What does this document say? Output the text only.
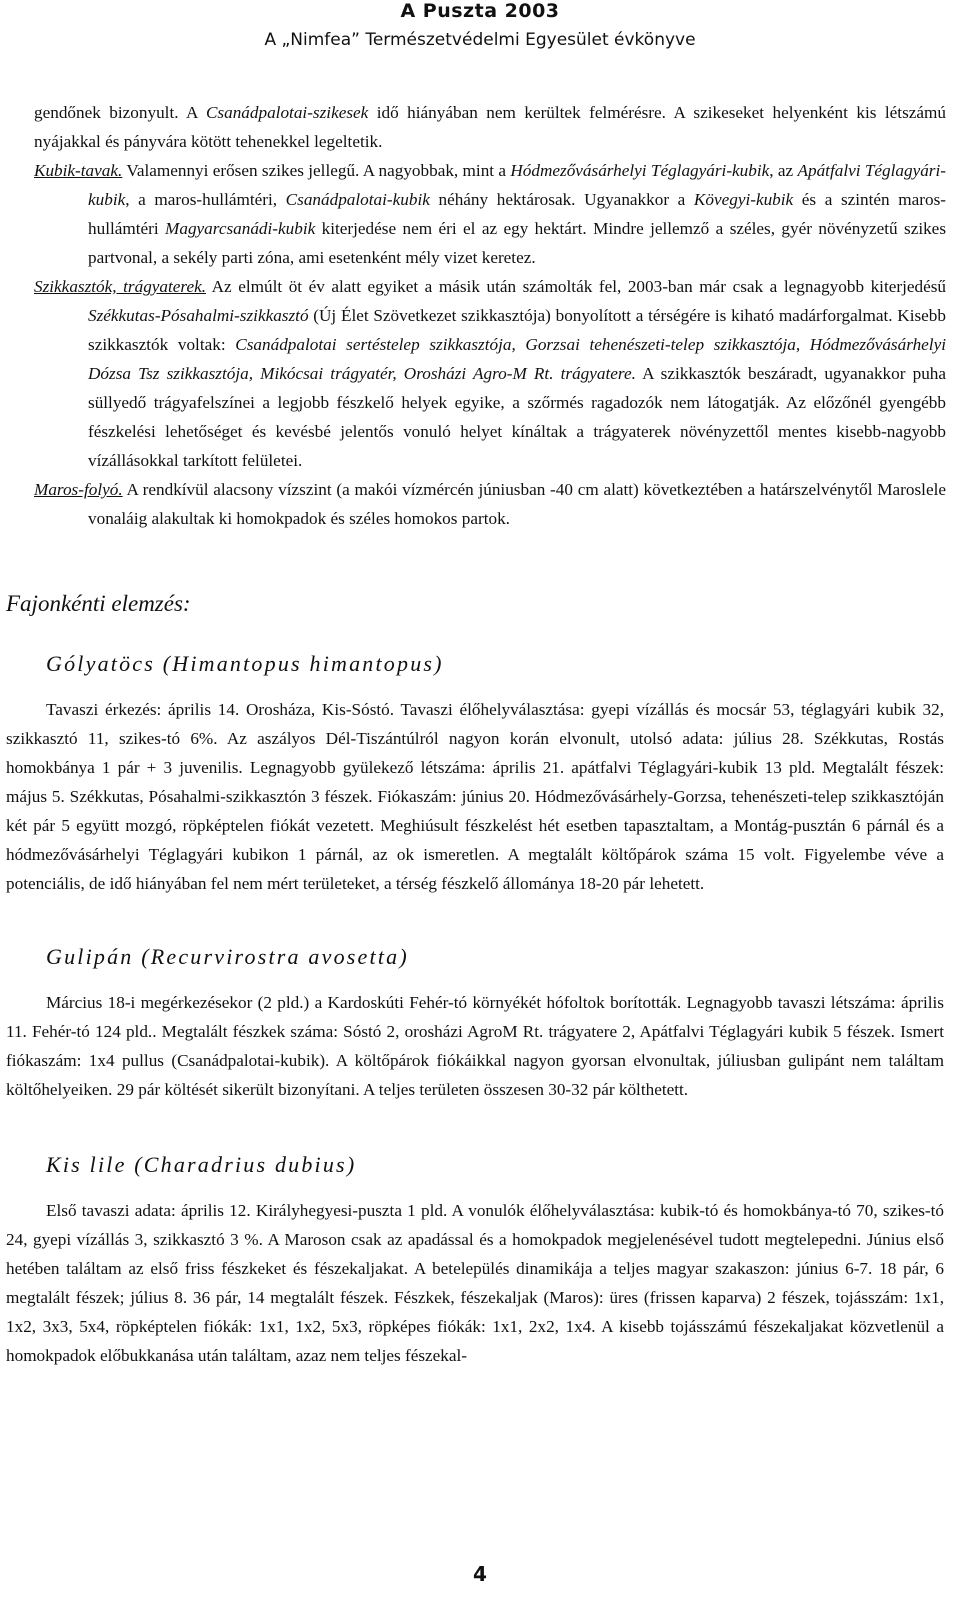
A Puszta 2003
A „Nimfea” Természetvédelmi Egyesület évkönyve

gendőnek bizonyult. A Csanádpalotai-szikesek idő hiányában nem kerültek felmérésre. A szikeseket helyenként kis létszámú nyájakkal és pányvára kötött tehenekkel legeltetik.

Kubik-tavak. Valamennyi erősen szikes jellegű. A nagyobbak, mint a Hódmezővásárhelyi Téglagyári-kubik, az Apátfalvi Téglagyári-kubik, a maros-hullámtéri, Csanádpalotai-kubik néhány hektárosak. Ugyanakkor a Kövegyi-kubik és a szintén maros-hullámtéri Magyarcsanádi-kubik kiterjedése nem éri el az egy hektárt. Mindre jellemző a széles, gyér növényzetű szikes partvonal, a sekély parti zóna, ami esetenként mély vizet keretez.

Szikkasztók, trágyaterek. Az elmúlt öt év alatt egyiket a másik után számolták fel, 2003-ban már csak a legnagyobb kiterjedésű Székkutas-Pósahalmi-szikkasztó (Új Élet Szövetkezet szikkasztója) bonyolított a térségére is kiható madárforgalmat. Kisebb szikkasztók voltak: Csanádpalotai sertéstelep szikkasztója, Gorzsai tehenészeti-telep szikkasztója, Hódmezővásárhelyi Dózsa Tsz szikkasztója, Mikócsai trágyatér, Orosházi Agro-M Rt. trágyatere. A szikkasztók beszáradt, ugyanakkor puha süllyedő trágyafelszínei a legjobb fészkelő helyek egyike, a szőrmés ragadozók nem látogatják. Az előzőnél gyengébb fészkelési lehetőséget és kevésbé jelentős vonuló helyet kínáltak a trágyaterek növényzettől mentes kisebb-nagyobb vízállásokkal tarkított felületei.

Maros-folyó. A rendkívül alacsony vízszint (a makói vízmércén júniusban -40 cm alatt) következtében a határszelvénytől Maroslele vonaláig alakultak ki homokpadok és széles homokos partok.

Fajonkénti elemzés:
Gólyatöcs (Himantopus himantopus)

Tavaszi érkezés: április 14. Orosháza, Kis-Sóstó. Tavaszi élőhelyválasztása: gyepi vízállás és mocsár 53, téglagyári kubik 32, szikkasztó 11, szikes-tó 6%. Az aszályos Dél-Tiszántúlról nagyon korán elvonult, utolsó adata: július 28. Székkutas, Rostás homokbánya 1 pár + 3 juvenilis. Legnagyobb gyülekező létszáma: április 21. apátfalvi Téglagyári-kubik 13 pld. Megtalált fészek: május 5. Székkutas, Pósahalmi-szikkasztón 3 fészek. Fiókaszám: június 20. Hódmezővásárhely-Gorzsa, tehenészeti-telep szikkasztóján két pár 5 együtt mozgó, röpképtelen fiókát vezetett. Meghiúsult fészkelést hét esetben tapasztaltam, a Montág-pusztán 6 párnál és a hódmezővásárhelyi Téglagyári kubikon 1 párnál, az ok ismeretlen. A megtalált költőpárok száma 15 volt. Figyelembe véve a potenciális, de idő hiányában fel nem mért területeket, a térség fészkelő állománya 18-20 pár lehetett.

Gulipán (Recurvirostra avosetta)

Március 18-i megérkezésekor (2 pld.) a Kardoskúti Fehér-tó környékét hófoltok borították. Legnagyobb tavaszi létszáma: április 11. Fehér-tó 124 pld.. Megtalált fészkek száma: Sóstó 2, orosházi AgroM Rt. trágyatere 2, Apátfalvi Téglagyári kubik 5 fészek. Ismert fiókaszám: 1x4 pullus (Csanádpalotai-kubik). A költőpárok fiókáikkal nagyon gyorsan elvonultak, júliusban gulipánt nem találtam költőhelyeiken. 29 pár költését sikerült bizonyítani. A teljes területen összesen 30-32 pár költhetett.

Kis lile (Charadrius dubius)

Első tavaszi adata: április 12. Királyhegyesi-puszta 1 pld. A vonulók élőhelyválasztása: kubik-tó és homokbánya-tó 70, szikes-tó 24, gyepi vízállás 3, szikkasztó 3 %. A Maroson csak az apadással és a homokpadok megjelenésével tudott megtelepedni. Június első hetében találtam az első friss fészkeket és fészekaljakat. A betelepülés dinamikája a teljes magyar szakaszon: június 6-7. 18 pár, 6 megtalált fészek; július 8. 36 pár, 14 megtalált fészek. Fészkek, fészekaljak (Maros): üres (frissen kaparva) 2 fészek, tojásszám: 1x1, 1x2, 3x3, 5x4, röpképtelen fiókák: 1x1, 1x2, 5x3, röpképes fiókák: 1x1, 2x2, 1x4. A kisebb tojásszámú fészekaljakat közvetlenül a homokpadok előbukkanása után találtam, azaz nem teljes fészekal-

4
